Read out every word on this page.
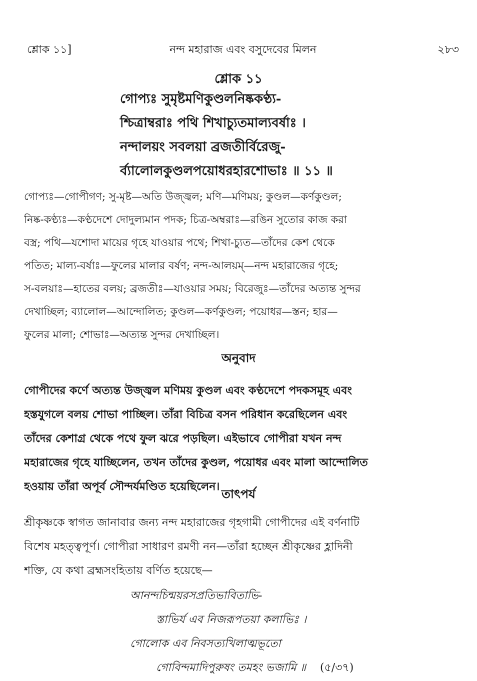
শ্লোক ১১]	নন্দ মহারাজ এবং বসুদেবের মিলন	২৮৩
শ্লোক ১১
গোপ্যঃ সুমৃষ্টমণিকুণ্ডলনিষ্ককণ্ঠ্য-
শ্চিত্রাম্বরাঃ পথি শিখাচ্যুতমাল্যবর্ষাঃ ।
নন্দালয়ং সবলয়া ব্রজতীর্বিরেজু-
র্ব্যালোলকুণ্ডলপয়োধরহারশোভাঃ ॥ ১১ ॥
গোপ্যঃ—গোপীগণ; সু-মৃষ্ট—অতি উজ্জ্বল; মণি—মণিময়; কুণ্ডল—কর্ণকুণ্ডল;
নিষ্ক-কণ্ঠ্যঃ—কণ্ঠদেশে দোদুল্যমান পদক; চিত্র-অম্বরাঃ—রঙিন সুতোর কাজ করা
বস্ত্র; পথি—যশোদা মায়ের গৃহে যাওয়ার পথে; শিখা-চ্যুত—তাঁদের কেশ থেকে
পতিত; মাল্য-বর্ষাঃ—ফুলের মালার বর্ষণ; নন্দ-আলয়ম্—নন্দ মহারাজের গৃহে;
স-বলয়াঃ—হাতের বলয়; ব্রজতীঃ—যাওয়ার সময়; বিরেজুঃ—তাঁদের অত্যন্ত সুন্দর
দেখাচ্ছিল; ব্যালোল—আন্দোলিত; কুণ্ডল—কর্ণকুণ্ডল; পয়োধর—স্তন; হার—
ফুলের মালা; শোভাঃ—অত্যন্ত সুন্দর দেখাচ্ছিল।
অনুবাদ
গোপীদের কর্ণে অত্যন্ত উজ্জ্বল মণিময় কুণ্ডল এবং কণ্ঠদেশে পদকসমূহ এবং
হস্তযুগলে বলয় শোভা পাচ্ছিল। তাঁরা বিচিত্র বসন পরিধান করেছিলেন এবং
তাঁদের কেশাগ্র থেকে পথে ফুল ঝরে পড়ছিল। এইভাবে গোপীরা যখন নন্দ
মহারাজের গৃহে যাচ্ছিলেন, তখন তাঁদের কুণ্ডল, পয়োধর এবং মালা আন্দোলিত
হওয়ায় তাঁরা অপূর্ব সৌন্দর্যমণ্ডিত হয়েছিলেন।
তাৎপর্য
শ্রীকৃষ্ণকে স্বাগত জানাবার জন্য নন্দ মহারাজের গৃহগামী গোপীদের এই বর্ণনাটি
বিশেষ মহত্ত্বপূর্ণ। গোপীরা সাধারণ রমণী নন—তাঁরা হচ্ছেন শ্রীকৃষ্ণের হ্লাদিনী
শক্তি, যে কথা ব্রহ্মসংহিতায় বর্ণিত হয়েছে—
আনন্দচিন্ময়রসপ্রতিভাবিতাভি-
স্তাভির্য এব নিজরূপতয়া কলাভিঃ ।
গোলোক এব নিবসত্যখিলাত্মভূতো
গোবিন্দমাদিপুরুষং তমহং ভজামি ॥ (৫/৩৭)
